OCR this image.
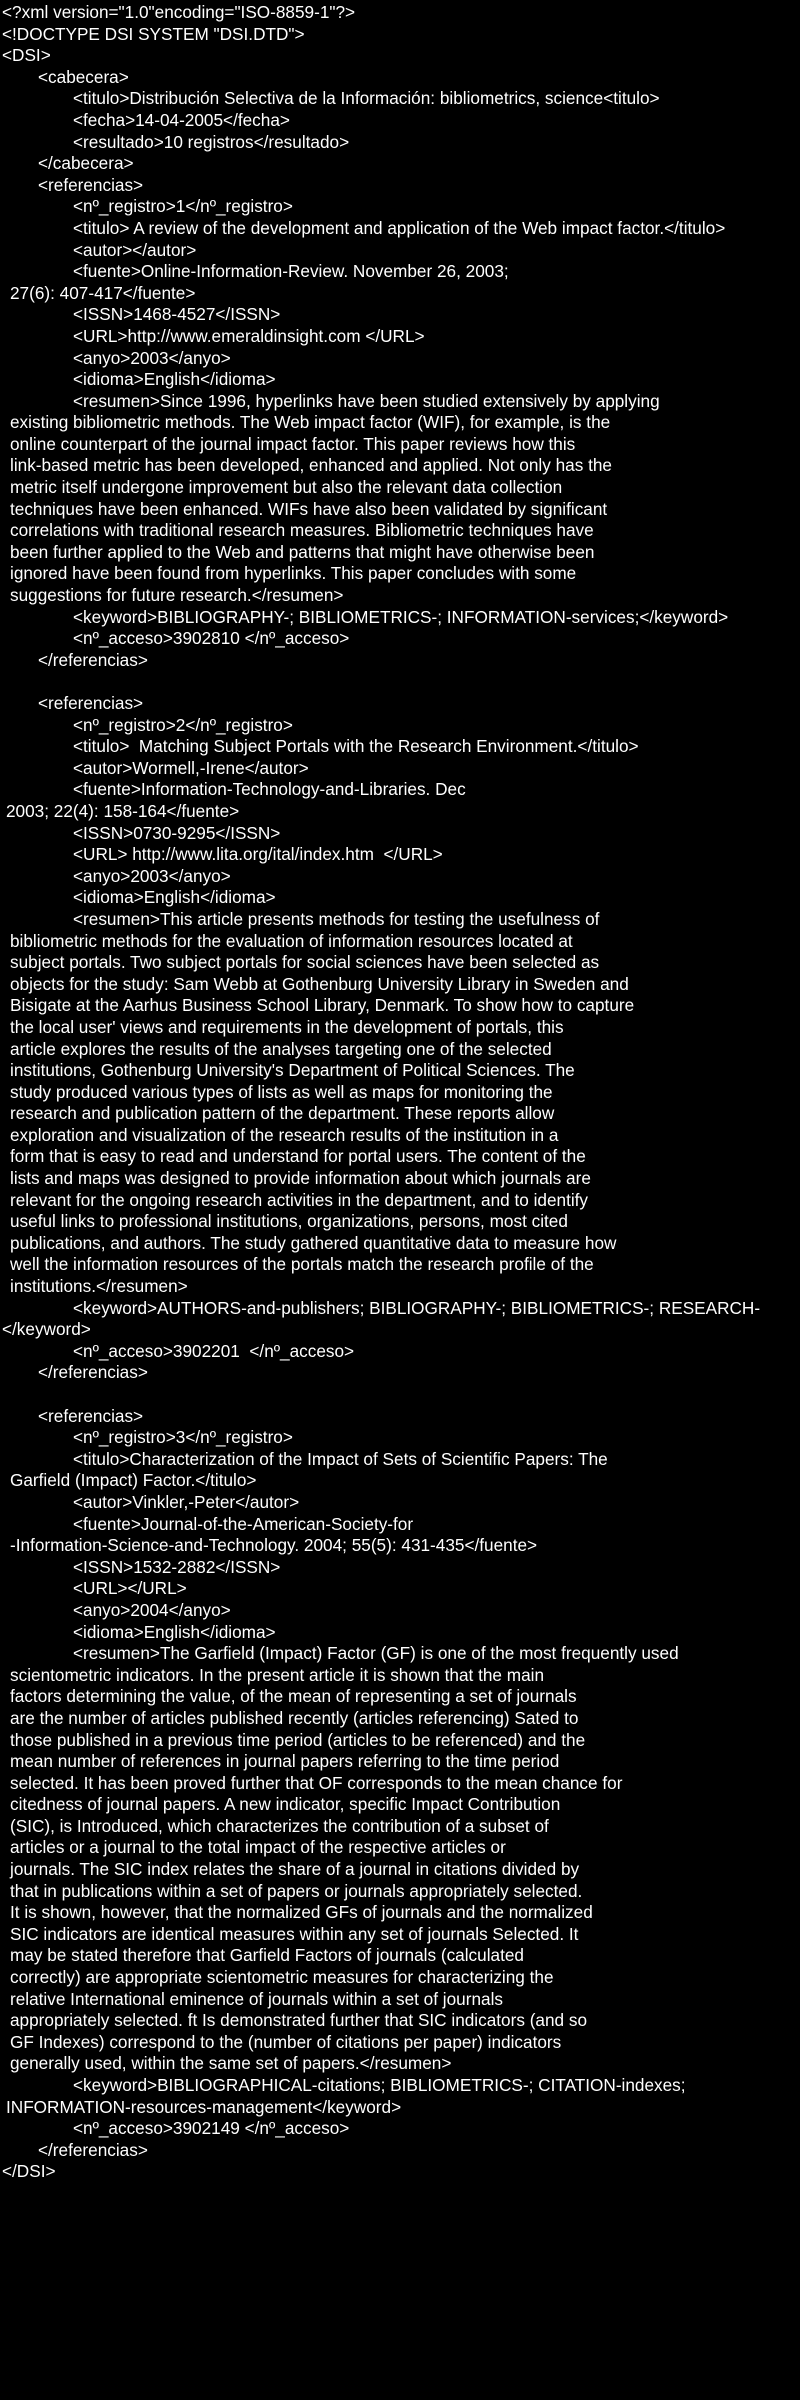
<?xml version="1.0"encoding="ISO-8859-1"?>
<!DOCTYPE DSI SYSTEM "DSI.DTD">
<DSI>
<cabecera>
<titulo>Distribución Selectiva de la Información: bibliometrics, science<titulo>
<fecha>14-04-2005</fecha>
<resultado>10 registros</resultado>
</cabecera>
<referencias>
<nº_registro>1</nº_registro>
<titulo> A review of the development and application of the Web impact factor.</titulo>
<autor></autor>
<fuente>Online-Information-Review. November 26, 2003;
27(6): 407-417</fuente>
<ISSN>1468-4527</ISSN>
<URL>http://www.emeraldinsight.com </URL>
<anyo>2003</anyo>
<idioma>English</idioma>
<resumen>Since 1996, hyperlinks have been studied extensively by applying
existing bibliometric methods. The Web impact factor (WIF), for example, is the
online counterpart of the journal impact factor. This paper reviews how this
link-based metric has been developed, enhanced and applied. Not only has the
metric itself undergone improvement but also the relevant data collection
techniques have been enhanced. WIFs have also been validated by significant
correlations with traditional research measures. Bibliometric techniques have
been further applied to the Web and patterns that might have otherwise been
ignored have been found from hyperlinks. This paper concludes with some
suggestions for future research.</resumen>
<keyword>BIBLIOGRAPHY-; BIBLIOMETRICS-; INFORMATION-services;</keyword>
<nº_acceso>3902810 </nº_acceso>
</referencias>
<referencias>
<nº_registro>2</nº_registro>
<titulo>  Matching Subject Portals with the Research Environment.</titulo>
<autor>Wormell,-Irene</autor>
<fuente>Information-Technology-and-Libraries. Dec
2003; 22(4): 158-164</fuente>
<ISSN>0730-9295</ISSN>
<URL> http://www.lita.org/ital/index.htm  </URL>
<anyo>2003</anyo>
<idioma>English</idioma>
<resumen>This article presents methods for testing the usefulness of
bibliometric methods for the evaluation of information resources located at
subject portals. Two subject portals for social sciences have been selected as
objects for the study: Sam Webb at Gothenburg University Library in Sweden and
Bisigate at the Aarhus Business School Library, Denmark. To show how to capture
the local user' views and requirements in the development of portals, this
article explores the results of the analyses targeting one of the selected
institutions, Gothenburg University's Department of Political Sciences. The
study produced various types of lists as well as maps for monitoring the
research and publication pattern of the department. These reports allow
exploration and visualization of the research results of the institution in a
form that is easy to read and understand for portal users. The content of the
lists and maps was designed to provide information about which journals are
relevant for the ongoing research activities in the department, and to identify
useful links to professional institutions, organizations, persons, most cited
publications, and authors. The study gathered quantitative data to measure how
well the information resources of the portals match the research profile of the
institutions.</resumen>
<keyword>AUTHORS-and-publishers; BIBLIOGRAPHY-; BIBLIOMETRICS-; RESEARCH-
</keyword>
<nº_acceso>3902201  </nº_acceso>
</referencias>
<referencias>
<nº_registro>3</nº_registro>
<titulo>Characterization of the Impact of Sets of Scientific Papers: The
Garfield (Impact) Factor.</titulo>
<autor>Vinkler,-Peter</autor>
<fuente>Journal-of-the-American-Society-for
-Information-Science-and-Technology. 2004; 55(5): 431-435</fuente>
<ISSN>1532-2882</ISSN>
<URL></URL>
<anyo>2004</anyo>
<idioma>English</idioma>
<resumen>The Garfield (Impact) Factor (GF) is one of the most frequently used
scientometric indicators. In the present article it is shown that the main
factors determining the value, of the mean of representing a set of journals
are the number of articles published recently (articles referencing) Sated to
those published in a previous time period (articles to be referenced) and the
mean number of references in journal papers referring to the time period
selected. It has been proved further that OF corresponds to the mean chance for
citedness of journal papers. A new indicator, specific Impact Contribution
(SIC), is Introduced, which characterizes the contribution of a subset of
articles or a journal to the total impact of the respective articles or
journals. The SIC index relates the share of a journal in citations divided by
that in publications within a set of papers or journals appropriately selected.
It is shown, however, that the normalized GFs of journals and the normalized
SIC indicators are identical measures within any set of journals Selected. It
may be stated therefore that Garfield Factors of journals (calculated
correctly) are appropriate scientometric measures for characterizing the
relative International eminence of journals within a set of journals
appropriately selected. ft Is demonstrated further that SIC indicators (and so
GF Indexes) correspond to the (number of citations per paper) indicators
generally used, within the same set of papers.</resumen>
<keyword>BIBLIOGRAPHICAL-citations; BIBLIOMETRICS-; CITATION-indexes;
INFORMATION-resources-management</keyword>
<nº_acceso>3902149 </nº_acceso>
</referencias>
</DSI>
